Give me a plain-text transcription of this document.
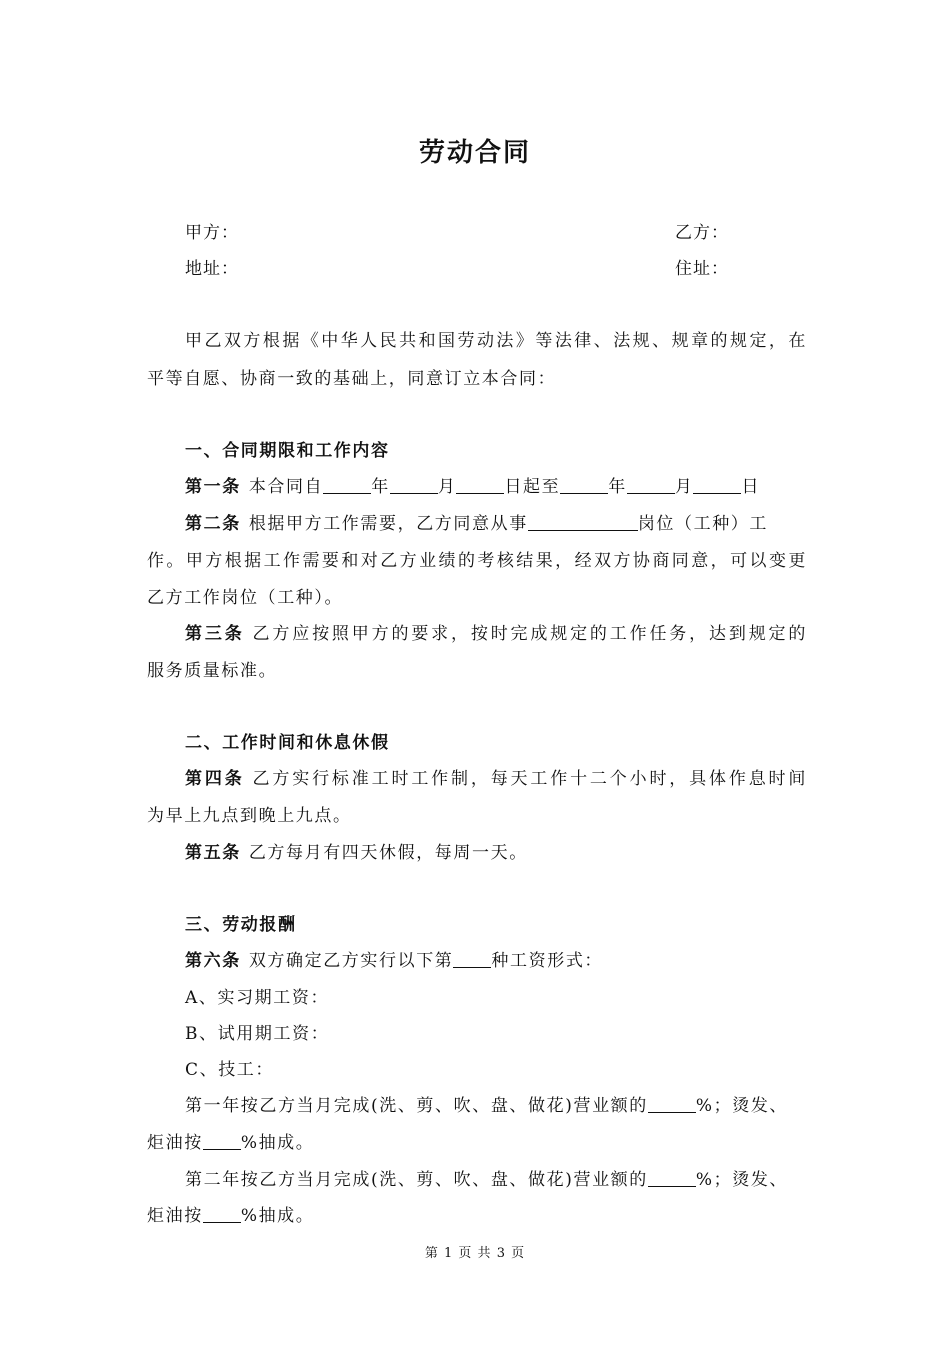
劳动合同
甲方：	乙方：
地址：	住址：
甲乙双方根据《中华人民共和国劳动法》等法律、法规、规章的规定，在
平等自愿、协商一致的基础上，同意订立本合同：
一、合同期限和工作内容
第一条 本合同自	年	月	日起至	年	月	日
第二条 根据甲方工作需要，乙方同意从事	岗位（工种）工
作。甲方根据工作需要和对乙方业绩的考核结果，经双方协商同意，可以变更
乙方工作岗位（工种）。
第三条 乙方应按照甲方的要求，按时完成规定的工作任务，达到规定的
服务质量标准。
二、工作时间和休息休假
第四条 乙方实行标准工时工作制，每天工作十二个小时，具体作息时间
为早上九点到晚上九点。
第五条 乙方每月有四天休假，每周一天。
三、劳动报酬
第六条 双方确定乙方实行以下第 种工资形式：
A、实习期工资：
B、试用期工资：
C、技工：
第一年按乙方当月完成(洗、剪、吹、盘、做花)营业额的	%；烫发、
炬油按 %抽成。
第二年按乙方当月完成(洗、剪、吹、盘、做花)营业额的	%；烫发、
炬油按 %抽成。
第 1 页 共 3 页
